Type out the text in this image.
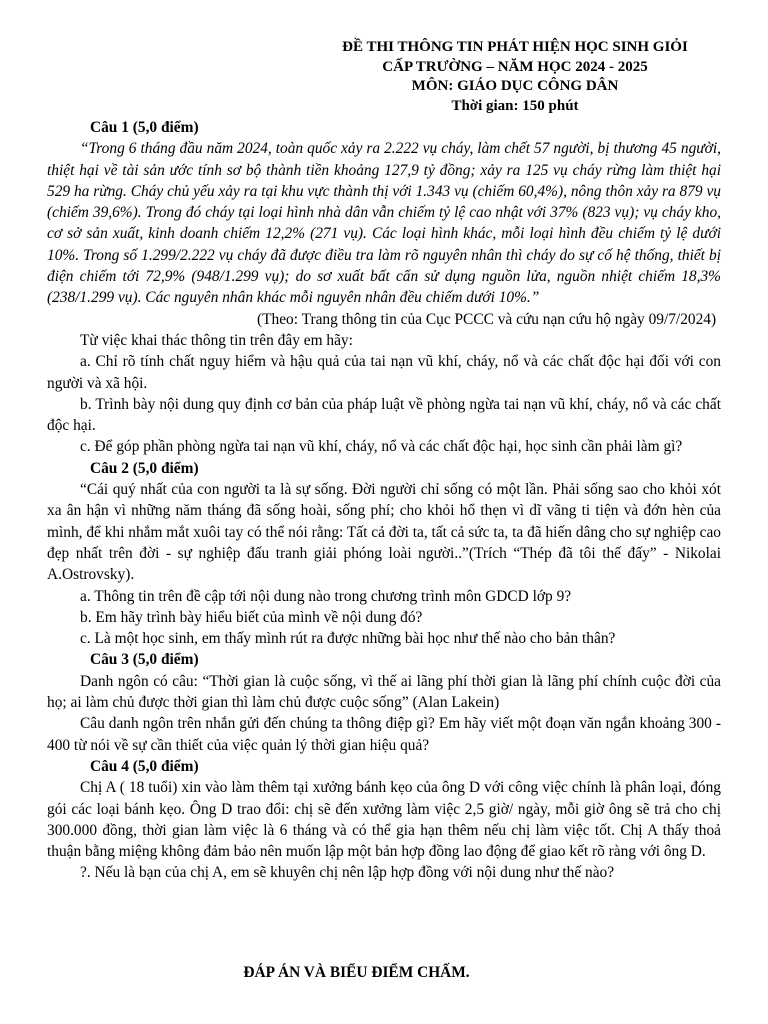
ĐỀ THI THÔNG TIN PHÁT HIỆN HỌC SINH GIỎI
CẤP TRƯỜNG – NĂM HỌC 2024 - 2025
MÔN: GIÁO DỤC CÔNG DÂN
Thời gian: 150 phút

Câu 1 (5,0 điểm)

“Trong 6 tháng đầu năm 2024, toàn quốc xảy ra 2.222 vụ cháy, làm chết 57 người, bị thương 45 người, thiệt hại về tài sản ước tính sơ bộ thành tiền khoảng 127,9 tỷ đồng; xảy ra 125 vụ cháy rừng làm thiệt hại 529 ha rừng. Cháy chủ yếu xảy ra tại khu vực thành thị với 1.343 vụ (chiếm 60,4%), nông thôn xảy ra 879 vụ (chiếm 39,6%). Trong đó cháy tại loại hình nhà dân vẫn chiếm tỷ lệ cao nhật với 37% (823 vụ); vụ cháy kho, cơ sở sản xuất, kinh doanh chiếm 12,2% (271 vụ). Các loại hình khác, mỗi loại hình đều chiếm tỷ lệ dưới 10%. Trong số 1.299/2.222 vụ cháy đã được điều tra làm rõ nguyên nhân thì cháy do sự cố hệ thống, thiết bị điện chiếm tới 72,9% (948/1.299 vụ); do sơ xuất bất cẩn sử dụng nguồn lửa, nguồn nhiệt chiếm 18,3% (238/1.299 vụ). Các nguyên nhân khác mỗi nguyên nhân đều chiếm dưới 10%.”

(Theo: Trang thông tin của Cục PCCC và cứu nạn cứu hộ ngày 09/7/2024)

Từ việc khai thác thông tin trên đây em hãy:

a. Chỉ rõ tính chất nguy hiểm và hậu quả của tai nạn vũ khí, cháy, nổ và các chất độc hại đối với con người và xã hội.

b. Trình bày nội dung quy định cơ bản của pháp luật về phòng ngừa tai nạn vũ khí, cháy, nổ và các chất độc hại.

c. Để góp phần phòng ngừa tai nạn vũ khí, cháy, nổ và các chất độc hại, học sinh cần phải làm gì?

Câu 2 (5,0 điểm)

“Cái quý nhất của con người ta là sự sống. Đời người chỉ sống có một lần. Phải sống sao cho khỏi xót xa ân hận vì những năm tháng đã sống hoài, sống phí; cho khỏi hổ thẹn vì dĩ vãng ti tiện và đớn hèn của mình, để khi nhắm mắt xuôi tay có thể nói rằng: Tất cả đời ta, tất cả sức ta, ta đã hiến dâng cho sự nghiệp cao đẹp nhất trên đời - sự nghiệp đấu tranh giải phóng loài người..”(Trích “Thép đã tôi thế đấy” - Nikolai A.Ostrovsky).

a. Thông tin trên đề cập tới nội dung nào trong chương trình môn GDCD lớp 9?

b. Em hãy trình bày hiểu biết của mình về nội dung đó?

c. Là một học sinh, em thấy mình rút ra được những bài học như thế nào cho bản thân?

Câu 3 (5,0 điểm)

Danh ngôn có câu: “Thời gian là cuộc sống, vì thế ai lãng phí thời gian là lãng phí chính cuộc đời của họ; ai làm chủ được thời gian thì làm chủ được cuộc sống” (Alan Lakein)

Câu danh ngôn trên nhắn gửi đến chúng ta thông điệp gì? Em hãy viết một đoạn văn ngắn khoảng 300 - 400 từ nói về sự cần thiết của việc quản lý thời gian hiệu quả?

Câu 4 (5,0 điểm)

Chị A ( 18 tuổi) xin vào làm thêm tại xưởng bánh kẹo của ông D với công việc chính là phân loại, đóng gói các loại bánh kẹo. Ông D trao đổi: chị sẽ đến xưởng làm việc 2,5 giờ/ ngày, mỗi giờ ông sẽ trả cho chị 300.000 đồng, thời gian làm việc là 6 tháng và có thể gia hạn thêm nếu chị làm việc tốt. Chị A thấy thoả thuận bằng miệng không đảm bảo nên muốn lập một bản hợp đồng lao động để giao kết rõ ràng với ông D.

?. Nếu là bạn của chị A, em sẽ khuyên chị nên lập hợp đồng với nội dung như thế nào?

ĐÁP ÁN VÀ BIỂU ĐIỂM CHẤM.
